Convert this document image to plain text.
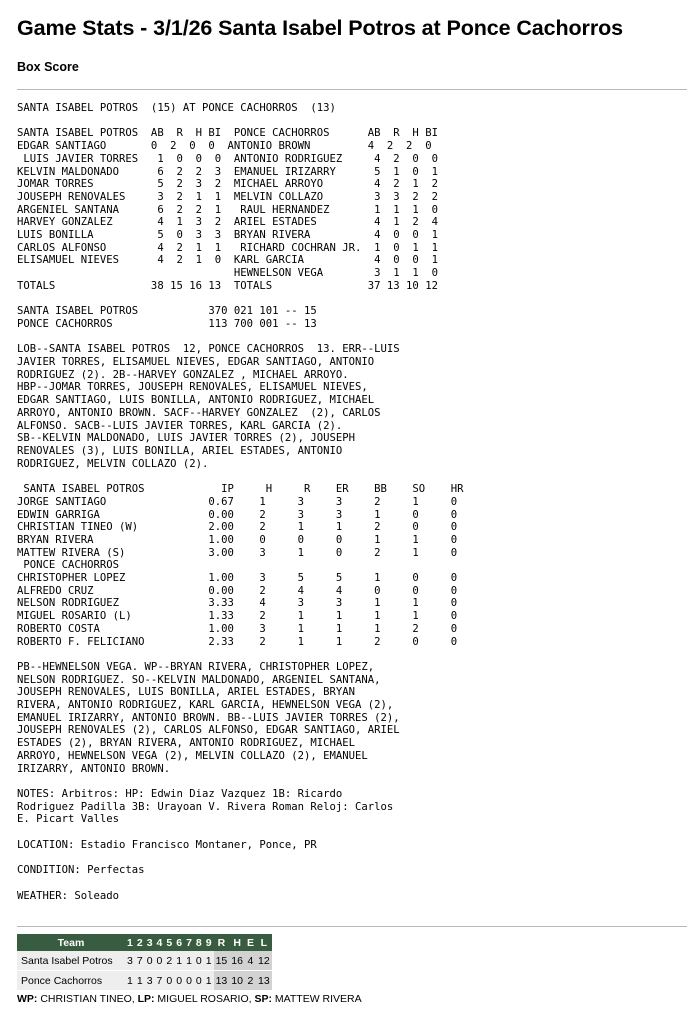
Game Stats - 3/1/26 Santa Isabel Potros at Ponce Cachorros
Box Score
SANTA ISABEL POTROS  (15) AT PONCE CACHORROS  (13)

SANTA ISABEL POTROS  AB  R  H BI  PONCE CACHORROS      AB  R  H BI
EDGAR SANTIAGO       0  2  0  0  ANTONIO BROWN         4  2  2  0
LUIS JAVIER TORRES   1  0  0  0  ANTONIO RODRIGUEZ     4  2  0  0
KELVIN MALDONADO      6  2  2  3  EMANUEL IRIZARRY      5  1  0  1
JOMAR TORRES          5  2  3  2  MICHAEL ARROYO        4  2  1  2
JOUSEPH RENOVALES     3  2  1  1  MELVIN COLLAZO        3  3  2  2
ARGENIEL SANTANA      6  2  2  1   RAUL HERNANDEZ       1  1  1  0
HARVEY GONZALEZ       4  1  3  2  ARIEL ESTADES         4  1  2  4
LUIS BONILLA          5  0  3  3  BRYAN RIVERA          4  0  0  1
CARLOS ALFONSO        4  2  1  1   RICHARD COCHRAN JR.  1  0  1  1
ELISAMUEL NIEVES      4  2  1  0  KARL GARCIA           4  0  0  1
HEWNELSON VEGA        3  1  1  0
TOTALS               38 15 16 13  TOTALS               37 13 10 12

SANTA ISABEL POTROS           370 021 101 -- 15
PONCE CACHORROS               113 700 001 -- 13

LOB--SANTA ISABEL POTROS  12, PONCE CACHORROS  13. ERR--LUIS
JAVIER TORRES, ELISAMUEL NIEVES, EDGAR SANTIAGO, ANTONIO
RODRIGUEZ (2). 2B--HARVEY GONZALEZ , MICHAEL ARROYO.
HBP--JOMAR TORRES, JOUSEPH RENOVALES, ELISAMUEL NIEVES,
EDGAR SANTIAGO, LUIS BONILLA, ANTONIO RODRIGUEZ, MICHAEL
ARROYO, ANTONIO BROWN. SACF--HARVEY GONZALEZ  (2), CARLOS
ALFONSO. SACB--LUIS JAVIER TORRES, KARL GARCIA (2).
SB--KELVIN MALDONADO, LUIS JAVIER TORRES (2), JOUSEPH
RENOVALES (3), LUIS BONILLA, ARIEL ESTADES, ANTONIO
RODRIGUEZ, MELVIN COLLAZO (2).

SANTA ISABEL POTROS            IP     H     R    ER    BB    SO    HR
JORGE SANTIAGO                0.67    1     3     3     2     1     0
EDWIN GARRIGA                 0.00    2     3     3     1     0     0
CHRISTIAN TINEO (W)           2.00    2     1     1     2     0     0
BRYAN RIVERA                  1.00    0     0     0     1     1     0
MATTEW RIVERA (S)             3.00    3     1     0     2     1     0
PONCE CACHORROS
CHRISTOPHER LOPEZ             1.00    3     5     5     1     0     0
ALFREDO CRUZ                  0.00    2     4     4     0     0     0
NELSON RODRIGUEZ              3.33    4     3     3     1     1     0
MIGUEL ROSARIO (L)            1.33    2     1     1     1     1     0
ROBERTO COSTA                 1.00    3     1     1     1     2     0
ROBERTO F. FELICIANO          2.33    2     1     1     2     0     0

PB--HEWNELSON VEGA. WP--BRYAN RIVERA, CHRISTOPHER LOPEZ,
NELSON RODRIGUEZ. SO--KELVIN MALDONADO, ARGENIEL SANTANA,
JOUSEPH RENOVALES, LUIS BONILLA, ARIEL ESTADES, BRYAN
RIVERA, ANTONIO RODRIGUEZ, KARL GARCIA, HEWNELSON VEGA (2),
EMANUEL IRIZARRY, ANTONIO BROWN. BB--LUIS JAVIER TORRES (2),
JOUSEPH RENOVALES (2), CARLOS ALFONSO, EDGAR SANTIAGO, ARIEL
ESTADES (2), BRYAN RIVERA, ANTONIO RODRIGUEZ, MICHAEL
ARROYO, HEWNELSON VEGA (2), MELVIN COLLAZO (2), EMANUEL
IRIZARRY, ANTONIO BROWN.

NOTES: Arbitros: HP: Edwin Diaz Vazquez 1B: Ricardo
Rodriguez Padilla 3B: Urayoan V. Rivera Roman Reloj: Carlos
E. Picart Valles

LOCATION: Estadio Francisco Montaner, Ponce, PR

CONDITION: Perfectas

WEATHER: Soleado
Team	1	2	3	4	5	6	7	8	9	R	H	E	L
Santa Isabel Potros	3	7	0	0	2	1	1	0	1	15	16	4	12
Ponce Cachorros	1	1	3	7	0	0	0	0	1	13	10	2	13

WP: CHRISTIAN TINEO, LP: MIGUEL ROSARIO, SP: MATTEW RIVERA
